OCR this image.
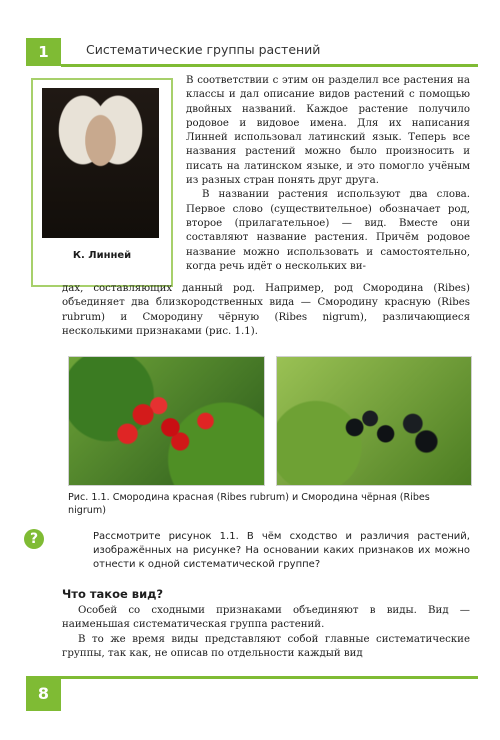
1	Систематические группы растений
К. Линней

В соответствии с этим он разделил все растения на классы и дал описание видов растений с помощью двойных названий. Каждое растение получило родовое и видовое имена. Для их написания Линней использовал латинский язык. Теперь все названия растений можно было произносить и писать на латинском языке, и это помогло учёным из разных стран понять друг друга.

В названии растения используют два слова. Первое слово (существительное) обозначает род, второе (прилагательное) — вид. Вместе они составляют название растения. Причём родовое название можно использовать и самостоятельно, когда речь идёт о нескольких ви-

дах, составляющих данный род. Например, род Смородина (Ribes) объединяет два близкородственных вида — Смородину красную (Ribes rubrum) и Смородину чёрную (Ribes nigrum), различающиеся несколькими признаками (рис. 1.1).

Рис. 1.1. Смородина красная (Ribes rubrum) и Смородина чёрная (Ribes nigrum)
?	Рассмотрите рисунок 1.1. В чём сходство и различия растений, изображённых на рисунке? На основании каких признаков их можно отнести к одной систематической группе?
Что такое вид?

Особей со сходными признаками объединяют в виды. Вид — наименьшая систематическая группа растений.

В то же время виды представляют собой главные систематические группы, так как, не описав по отдельности каждый вид

8
